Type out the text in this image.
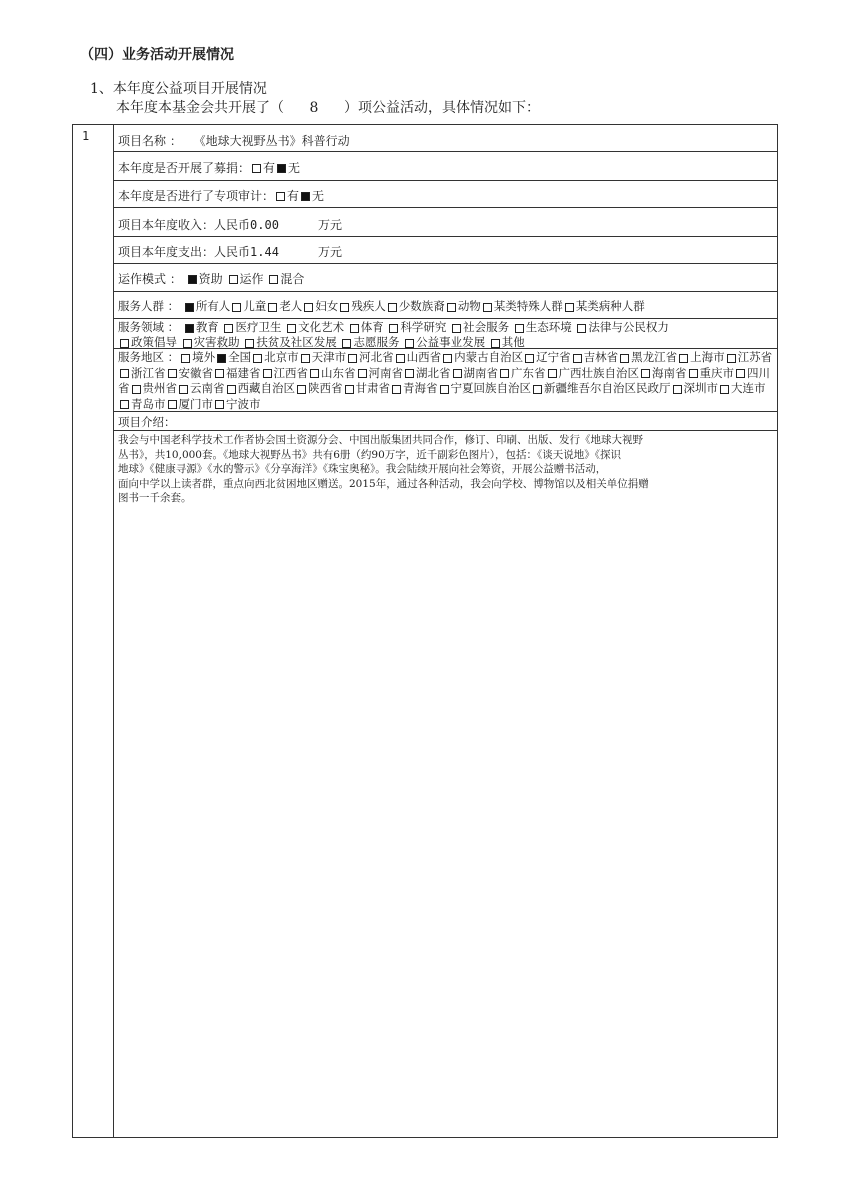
（四）业务活动开展情况
1、本年度公益项目开展情况
本年度本基金会共开展了（ 8 ）项公益活动，具体情况如下：
1 项目名称 ： 《地球大视野丛书》科普行动
本年度是否开展了募捐： 有 无
本年度是否进行了专项审计： 有 无
项目本年度收入：人民币0.00	万元
项目本年度支出：人民币1.44	万元
运作模式 ： 资助 运作 混合
服务人群 ： 所有人 儿童 老人 妇女 残疾人 少数族裔 动物 某类特殊人群 某类病种人群
服务领域 ： 教育 医疗卫生 文化艺术 体育 科学研究 社会服务 生态环境 法律与公民权力
政策倡导 灾害救助 扶贫及社区发展 志愿服务 公益事业发展 其他
服务地区 ： 境外 全国 北京市 天津市 河北省 山西省 内蒙古自治区 辽宁省 吉林省 黑龙江省 上海市 江苏省浙江省 安徽省 福建省 江西省 山东省 河南省 湖北省 湖南省 广东省 广西壮族自治区 海南省 重庆市 四川省 贵州省 云南省 西藏自治区 陕西省 甘肃省 青海省 宁夏回族自治区 新疆维吾尔自治区民政厅 深圳市 大连市青岛市 厦门市 宁波市
项目介绍：
我会与中国老科学技术工作者协会国土资源分会、中国出版集团共同合作，修订、印刷、出版、发行《地球大视野
丛书》，共10,000套。《地球大视野丛书》共有6册（约90万字，近千副彩色图片），包括：《谈天说地》《探识
地球》《健康寻源》《水的警示》《分享海洋》《珠宝奥秘》。我会陆续开展向社会筹资，开展公益赠书活动，
面向中学以上读者群，重点向西北贫困地区赠送。2015年，通过各种活动，我会向学校、博物馆以及相关单位捐赠
图书一千余套。
